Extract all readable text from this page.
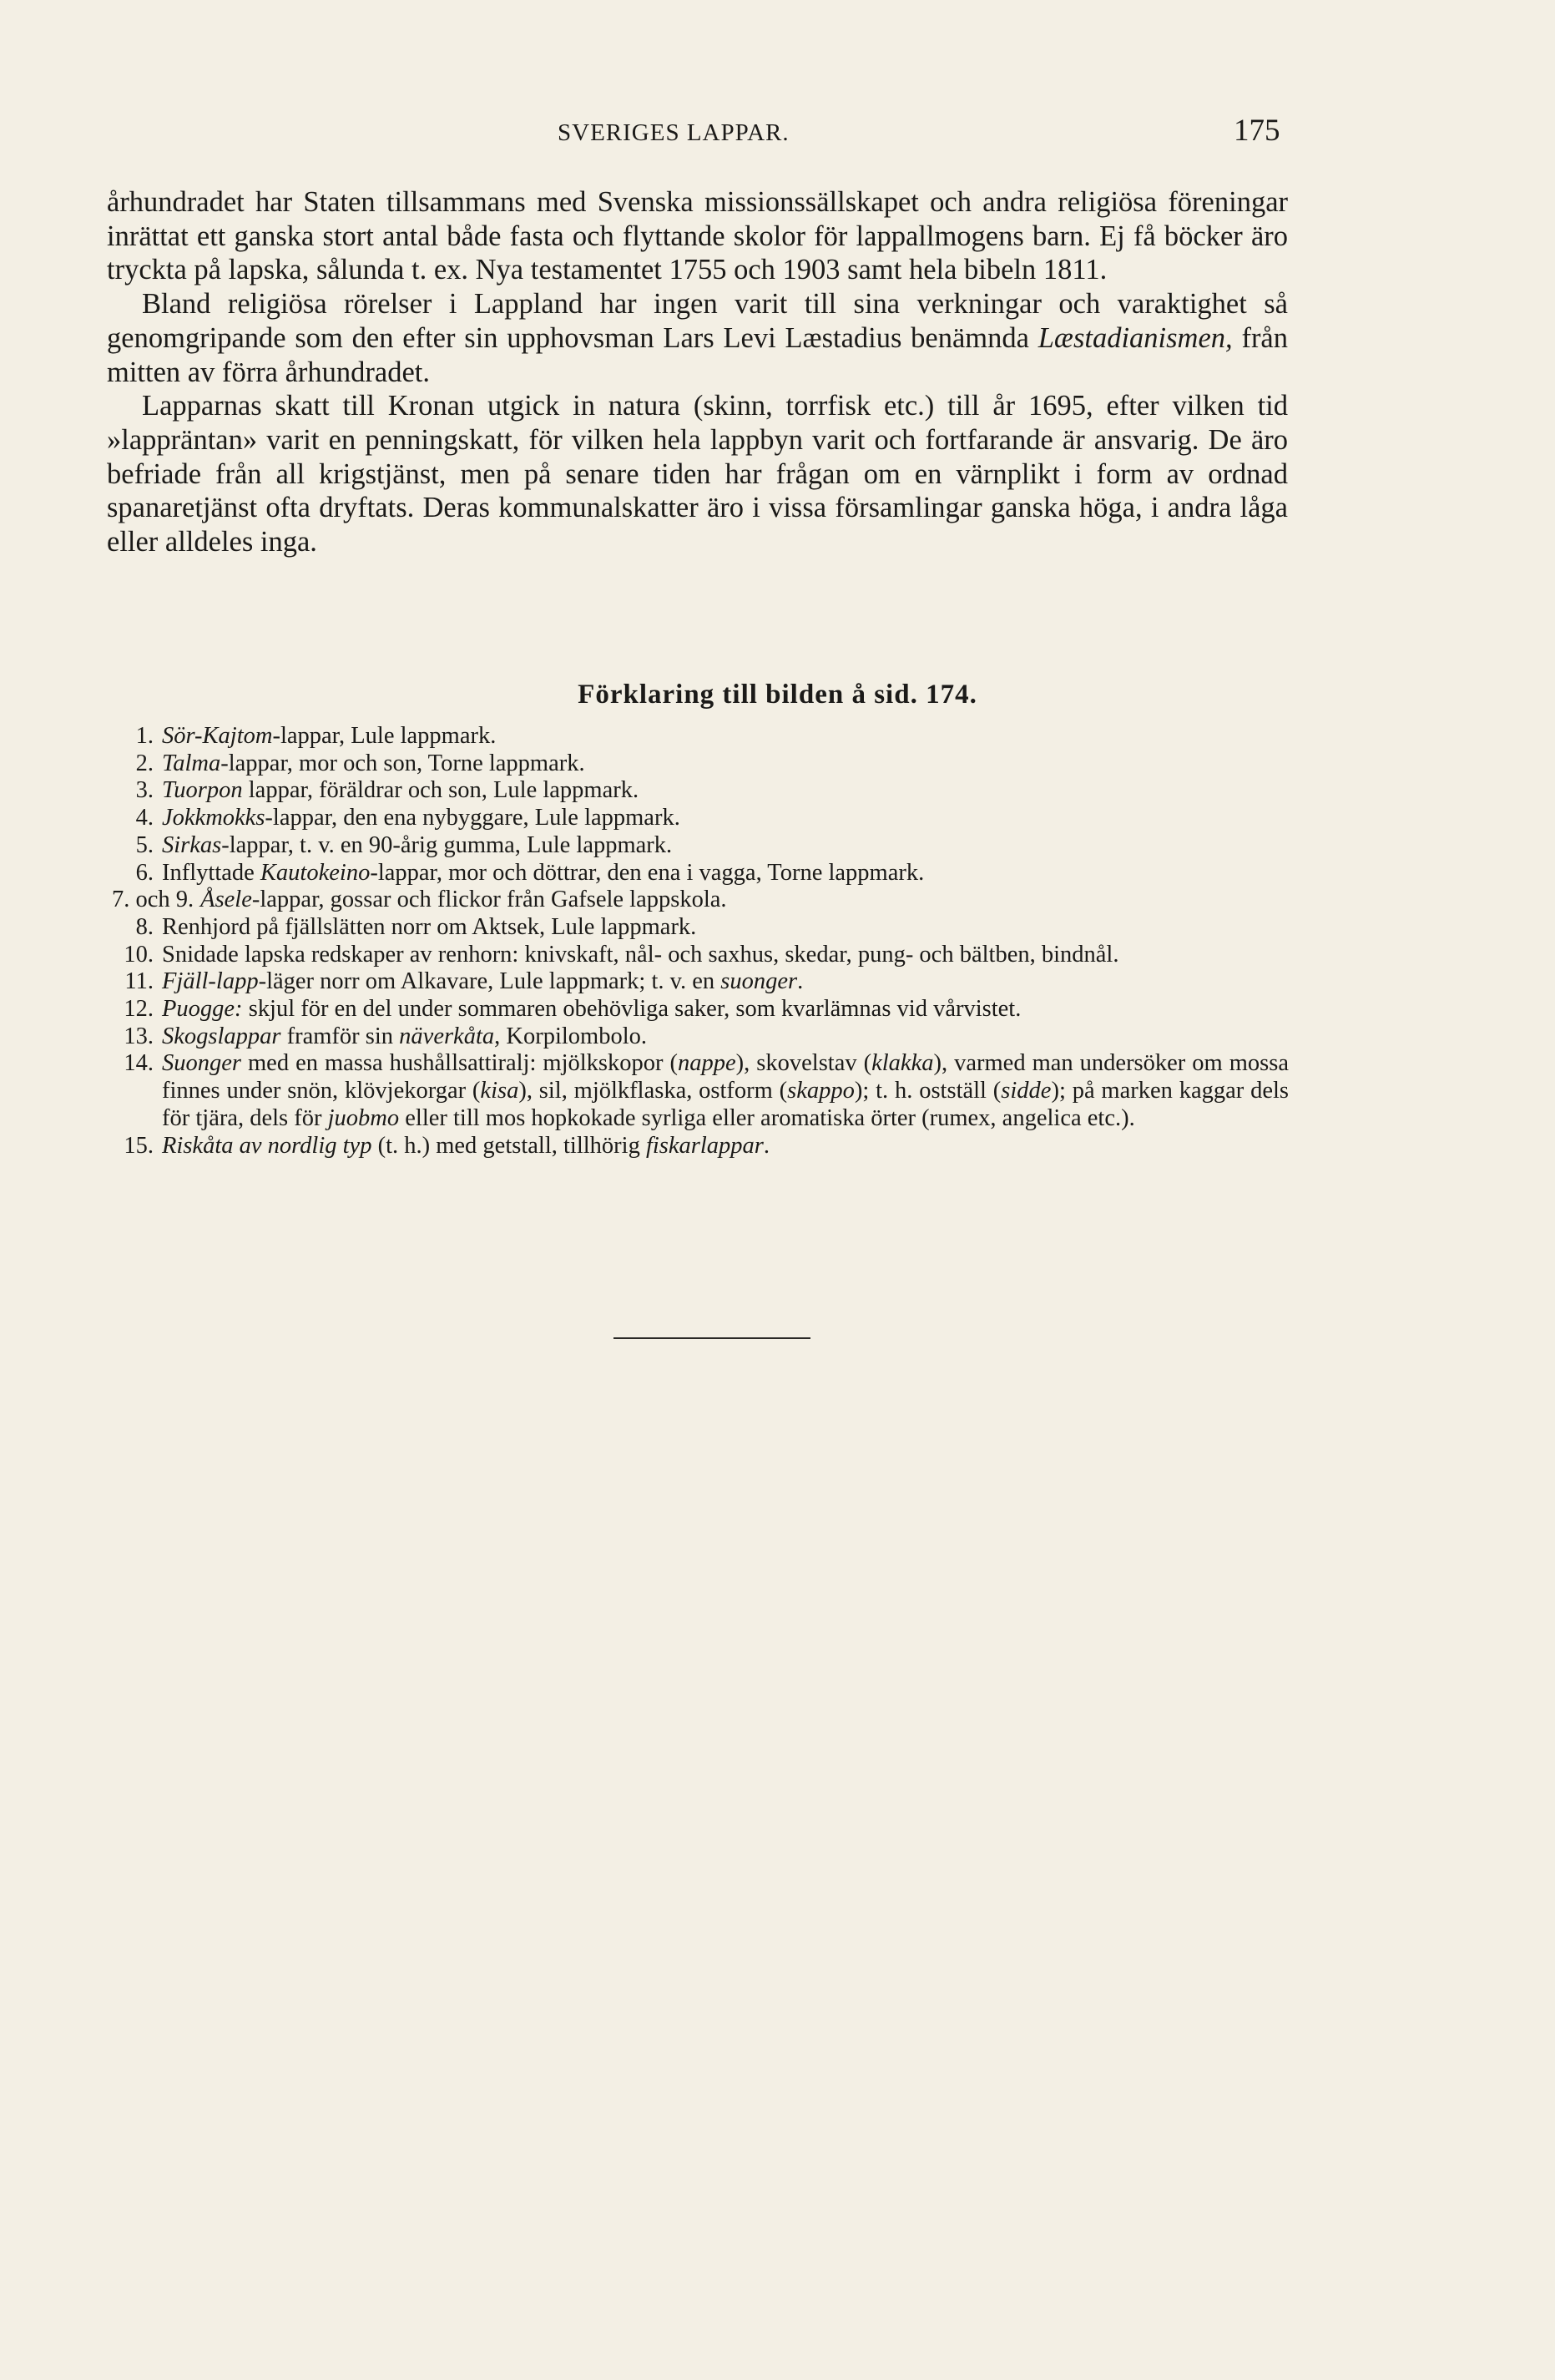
SVERIGES LAPPAR.	175

århundradet har Staten tillsammans med Svenska missionssällskapet och andra religiösa föreningar inrättat ett ganska stort antal både fasta och flyttande skolor för lappallmogens barn. Ej få böcker äro tryckta på lapska, sålunda t. ex. Nya testamentet 1755 och 1903 samt hela bibeln 1811.

Bland religiösa rörelser i Lappland har ingen varit till sina verkningar och varaktighet så genomgripande som den efter sin upphovsman Lars Levi Læstadius benämnda Læstadianismen, från mitten av förra århundradet.

Lapparnas skatt till Kronan utgick in natura (skinn, torrfisk etc.) till år 1695, efter vilken tid »lappräntan» varit en penningskatt, för vilken hela lappbyn varit och fortfarande är ansvarig. De äro befriade från all krigstjänst, men på senare tiden har frågan om en värnplikt i form av ordnad spanaretjänst ofta dryftats. Deras kommunalskatter äro i vissa församlingar ganska höga, i andra låga eller alldeles inga.

Förklaring till bilden å sid. 174.
1. Sör-Kajtom-lappar, Lule lappmark.
2. Talma-lappar, mor och son, Torne lappmark.
3. Tuorpon lappar, föräldrar och son, Lule lappmark.
4. Jokkmokks-lappar, den ena nybyggare, Lule lappmark.
5. Sirkas-lappar, t. v. en 90-årig gumma, Lule lappmark.
6. Inflyttade Kautokeino-lappar, mor och döttrar, den ena i vagga, Torne lappmark.
7. och 9. Åsele-lappar, gossar och flickor från Gafsele lappskola.
8. Renhjord på fjällslätten norr om Aktsek, Lule lappmark.
10. Snidade lapska redskaper av renhorn: knivskaft, nål- och saxhus, skedar, pung- och bältben, bindnål.
11. Fjäll-lapp-läger norr om Alkavare, Lule lappmark; t. v. en suonger.
12. Puogge: skjul för en del under sommaren obehövliga saker, som kvarlämnas vid vårvistet.
13. Skogslappar framför sin näverkåta, Korpilombolo.
14. Suonger med en massa hushållsattiralj: mjölkskopor (nappe), skovelstav (klakka), varmed man undersöker om mossa finnes under snön, klövjekorgar (kisa), sil, mjölkflaska, ostform (skappo); t. h. ostställ (sidde); på marken kaggar dels för tjära, dels för juobmo eller till mos hopkokade syrliga eller aromatiska örter (rumex, angelica etc.).
15. Riskåta av nordlig typ (t. h.) med getstall, tillhörig fiskarlappar.
